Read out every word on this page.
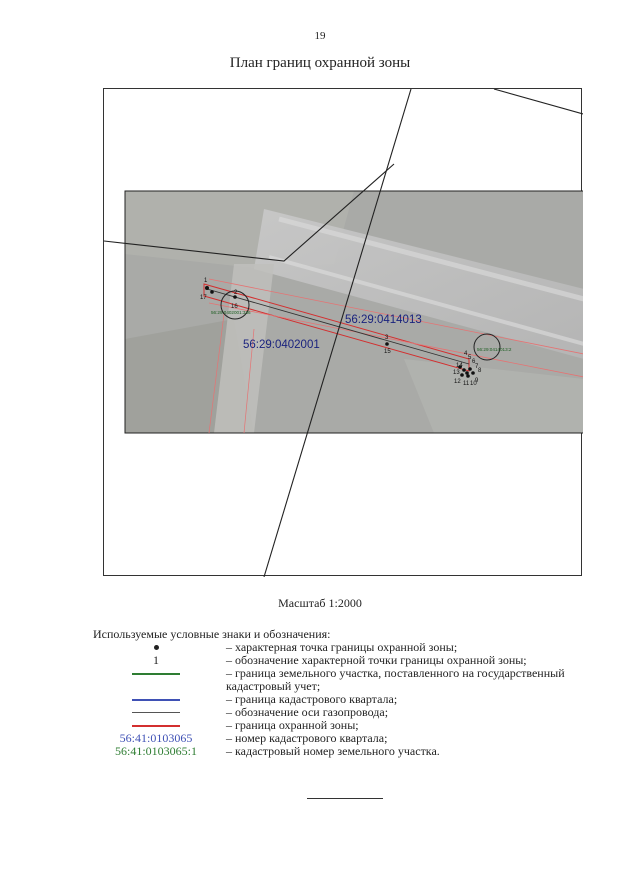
19
План границ охранной зоны
1
2
3
4
5
6
7
8
9
10
11
12
13
14
15
16
17
56:29:0414013
56:29:0402001
56:29:0402001:336
56:29:0414013:2
Масштаб 1:2000
Используемые условные знаки и обозначения:
– характерная точка границы охранной зоны;
1	– обозначение характерной точки границы охранной зоны;
– граница земельного участка, поставленного на государственный кадастровый учет;
– граница кадастрового квартала;
– обозначение оси газопровода;
– граница охранной зоны;
56:41:0103065	– номер кадастрового квартала;
56:41:0103065:1	– кадастровый номер земельного участка.
